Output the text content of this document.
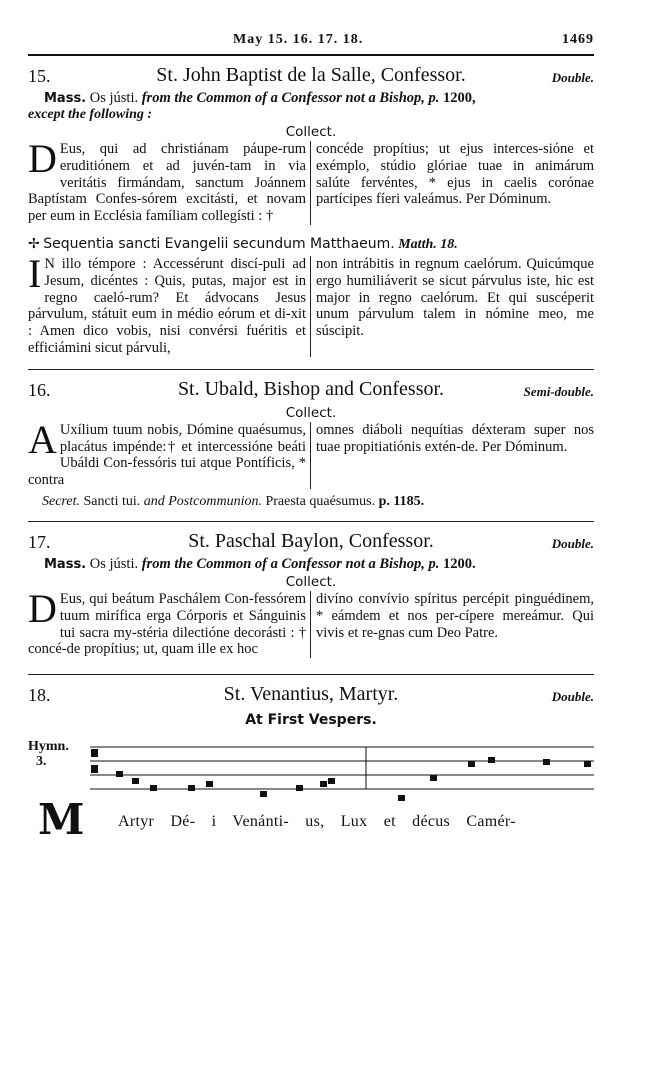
May 15. 16. 17. 18.	1469
15.	St. John Baptist de la Salle, Confessor.	Double.
Mass. Os jústi. from the Common of a Confessor not a Bishop, p. 1200,
except the following :
Collect.
D Eus, qui ad christiánam páupe-rum eruditiónem et ad juvén-tam in via veritátis firmándam, sanctum Joánnem Baptístam Confes-sórem excitásti, et novam per eum in Ecclésia famíliam collegísti : †
concéde propítius; ut ejus interces-sióne et exémplo, stúdio glóriae tuae in animárum salúte fervéntes, * ejus in caelis corónae partícipes fíeri valeámus. Per Dóminum.
✢ Sequentia sancti Evangelii secundum Matthaeum. Matth. 18.
I N illo témpore : Accessérunt discí-puli ad Jesum, dicéntes : Quis, putas, major est in regno caeló-rum? Et ádvocans Jesus párvulum, státuit eum in médio eórum et di-xit : Amen dico vobis, nisi convérsi fuéritis et efficiámini sicut párvuli,
non intrábitis in regnum caelórum. Quicúmque ergo humiliáverit se sicut párvulus iste, hic est major in regno caelórum. Et qui suscéperit unum párvulum talem in nómine meo, me súscipit.
16.	St. Ubald, Bishop and Confessor.	Semi-double.
Collect.
A Uxílium tuum nobis, Dómine quaésumus, placátus impénde:† et intercessióne beáti Ubáldi Con-fessóris tui atque Pontíficis, * contra
omnes diáboli nequítias déxteram super nos tuae propitiatiónis extén-de. Per Dóminum.
Secret. Sancti tui. and Postcommunion. Praesta quaésumus. p. 1185.
17.	St. Paschal Baylon, Confessor.	Double.
Mass. Os jústi. from the Common of a Confessor not a Bishop, p. 1200.
Collect.
D Eus, qui beátum Paschálem Con-fessórem tuum mirífica erga Córporis et Sánguinis tui sacra my-stéria dilectióne decorásti : † concé-de propítius; ut, quam ille ex hoc
divíno convívio spíritus percépit pinguédinem, * eámdem et nos per-cípere mereámur. Qui vivis et re-gnas cum Deo Patre.
18.	St. Venantius, Martyr.	Double.
At First Vespers.
Hymn.
3.
M Artyr Dé- i Venánti- us, Lux et décus Camér-
